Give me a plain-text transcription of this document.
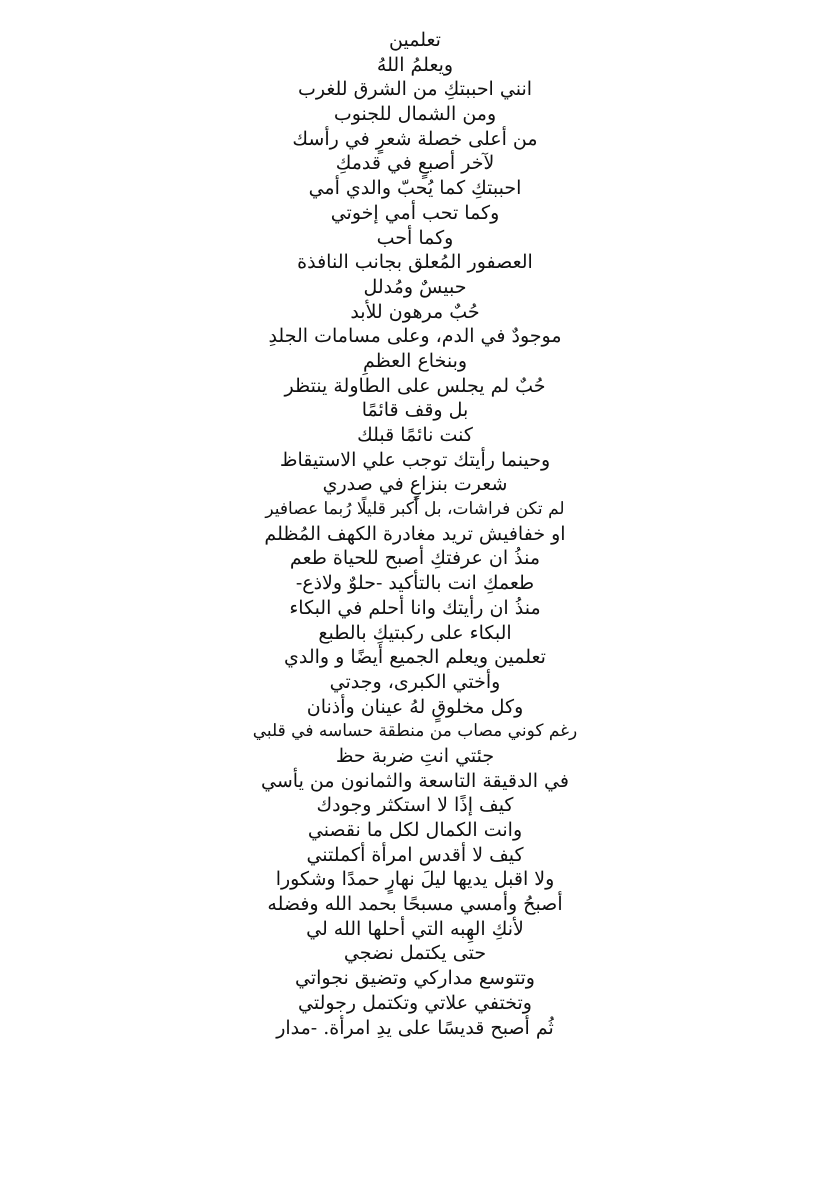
تعلمين
ويعلمُ اللهُ
انني احببتكِ من الشرق للغرب
ومن الشمال للجنوب
من أعلى خصلة شعرٍ في رأسك
لآخر أصبعٍ في قدمكِ
احببتكِ كما يُحبّ والدي أمي
وكما تحب أمي إخوتي
وكما أحب
العصفور المُعلق بجانب النافذة
حبيسٌ ومُدلل
حُبٌ مرهون للأبد
موجودٌ في الدم، وعلى مسامات الجلدِ
وبنخاع العظمِ
حُبٌ لم يجلس على الطاولة ينتظر
بل وقف قائمًا
كنت نائمًا قبلك
وحينما رأيتك توجب علي الاستيقاظ
شعرت بنزاعٍ في صدري
لم تكن فراشات، بل أكبر قليلًا رُبما عصافير
او خفافيش تريد مغادرة الكهف المُظلم
منذُ ان عرفتكِ أصبح للحياة طعم
طعمكِ انت بالتأكيد -حلوٌ ولاذع-
منذُ ان رأيتك وانا أحلم في البكاء
البكاء على ركبتيكِ بالطبع
تعلمين ويعلم الجميع أيضًا و والدي
وأختي الكبرى، وجدتي
وكل مخلوقٍ لهُ عينان وأذنان
رغم كوني مصاب من منطقة حساسه في قلبي
جئتي انتِ ضربة حظ
في الدقيقة التاسعة والثمانون من يأسي
كيف إذًا لا استكثر وجودك
وانت الكمال لكل ما نقصني
كيف لا أقدس امرأة أكملتني
ولا اقبل يديها ليلَ نهارٍ حمدًا وشكورا
أصبحُ وأمسي مسبحًا بحمد الله وفضله
لأنكِ الهِبه التي أحلها الله لي
حتى يكتمل نضجي
وتتوسع مداركي وتضيق نجواتي
وتختفي علاتي وتكتمل رجولتي
ثُم أصبح قديسًا على يدِ امرأة. -مدار
